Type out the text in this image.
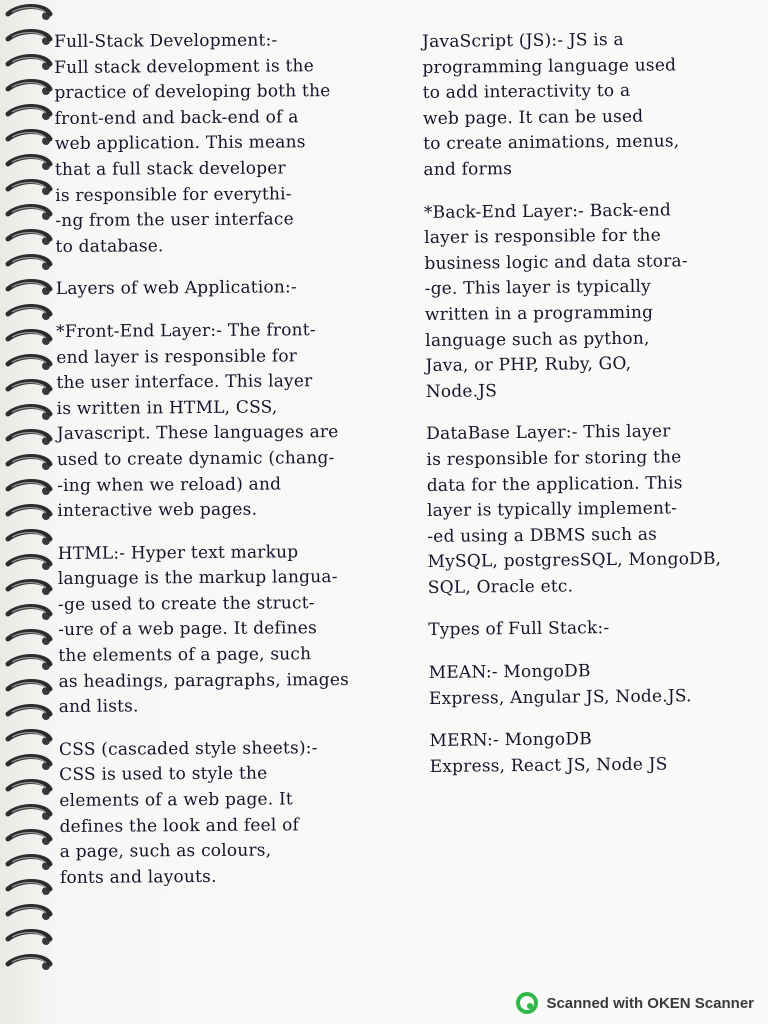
Full-Stack Development:-
Full stack development is the
practice of developing both the
front-end and back-end of a
web application. This means
that a full stack developer
is responsible for everythi-
-ng from the user interface
to database.
Layers of web Application:-
*Front-End Layer:- The front-
end layer is responsible for
the user interface. This layer
is written in HTML, CSS,
Javascript. These languages are
used to create dynamic (chang-
-ing when we reload) and
interactive web pages.
HTML:- Hyper text markup
language is the markup langua-
-ge used to create the struct-
-ure of a web page. It defines
the elements of a page, such
as headings, paragraphs, images
and lists.
CSS (cascaded style sheets):-
CSS is used to style the
elements of a web page. It
defines the look and feel of
a page, such as colours,
fonts and layouts.
JavaScript (JS):- JS is a
programming language used
to add interactivity to a
web page. It can be used
to create animations, menus,
and forms
*Back-End Layer:- Back-end
layer is responsible for the
business logic and data stora-
-ge. This layer is typically
written in a programming
language such as python,
Java, or PHP, Ruby, GO,
Node.JS
DataBase Layer:- This layer
is responsible for storing the
data for the application. This
layer is typically implement-
-ed using a DBMS such as
MySQL, postgresSQL, MongoDB,
SQL, Oracle etc.
Types of Full Stack:-
MEAN:- MongoDB
Express, Angular JS, Node.JS.
MERN:- MongoDB
Express, React JS, Node JS
Scanned with OKEN Scanner
